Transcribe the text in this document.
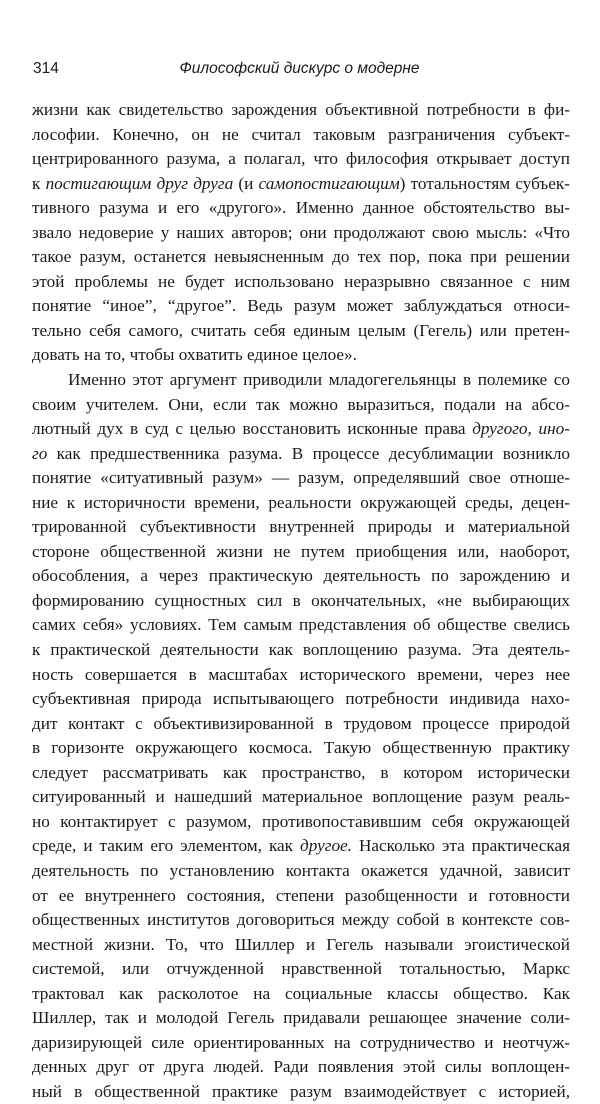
314	Философский дискурс о модерне
жизни как свидетельство зарождения объективной потребности в фи-
лософии. Конечно, он не считал таковым разграничения субъект-
центрированного разума, а полагал, что философия открывает доступ
к постигающим друг друга (и самопостигающим) тотальностям субъек-
тивного разума и его «другого». Именно данное обстоятельство вы-
звало недоверие у наших авторов; они продолжают свою мысль: «Что
такое разум, останется невыясненным до тех пор, пока при решении
этой проблемы не будет использовано неразрывно связанное с ним
понятие “иное”, “другое”. Ведь разум может заблуждаться относи-
тельно себя самого, считать себя единым целым (Гегель) или претен-
довать на то, чтобы охватить единое целое».
Именно этот аргумент приводили младогегельянцы в полемике со
своим учителем. Они, если так можно выразиться, подали на абсо-
лютный дух в суд с целью восстановить исконные права другого, ино-
го как предшественника разума. В процессе десублимации возникло
понятие «ситуативный разум» — разум, определявший свое отноше-
ние к историчности времени, реальности окружающей среды, децен-
трированной субъективности внутренней природы и материальной
стороне общественной жизни не путем приобщения или, наоборот,
обособления, а через практическую деятельность по зарождению и
формированию сущностных сил в окончательных, «не выбирающих
самих себя» условиях. Тем самым представления об обществе свелись
к практической деятельности как воплощению разума. Эта деятель-
ность совершается в масштабах исторического времени, через нее
субъективная природа испытывающего потребности индивида нахо-
дит контакт с объективизированной в трудовом процессе природой
в горизонте окружающего космоса. Такую общественную практику
следует рассматривать как пространство, в котором исторически
ситуированный и нашедший материальное воплощение разум реаль-
но контактирует с разумом, противопоставившим себя окружающей
среде, и таким его элементом, как другое. Насколько эта практическая
деятельность по установлению контакта окажется удачной, зависит
от ее внутреннего состояния, степени разобщенности и готовности
общественных институтов договориться между собой в контексте сов-
местной жизни. То, что Шиллер и Гегель называли эгоистической
системой, или отчужденной нравственной тотальностью, Маркс
трактовал как расколотое на социальные классы общество. Как
Шиллер, так и молодой Гегель придавали решающее значение соли-
даризирующей силе ориентированных на сотрудничество и неотчуж-
денных друг от друга людей. Ради появления этой силы воплощен-
ный в общественной практике разум взаимодействует с историей,
